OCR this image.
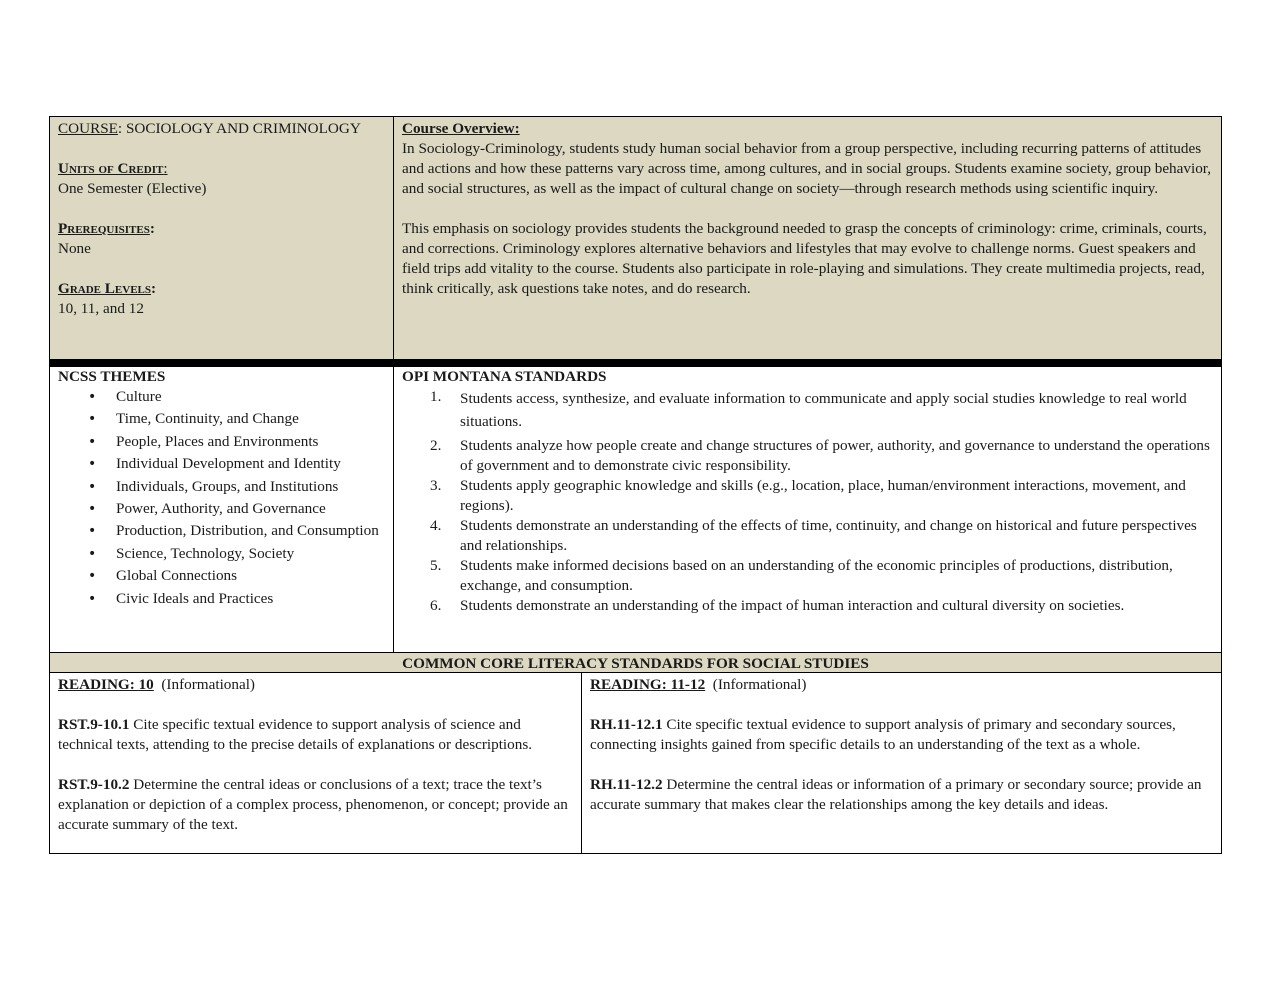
COURSE: SOCIOLOGY AND CRIMINOLOGY
Units of Credit:
One Semester (Elective)
Prerequisites:
None
Grade Levels:
10, 11, and 12
Course Overview:
In Sociology-Criminology, students study human social behavior from a group perspective, including recurring patterns of attitudes and actions and how these patterns vary across time, among cultures, and in social groups. Students examine society, group behavior, and social structures, as well as the impact of cultural change on society—through research methods using scientific inquiry.
This emphasis on sociology provides students the background needed to grasp the concepts of criminology: crime, criminals, courts, and corrections. Criminology explores alternative behaviors and lifestyles that may evolve to challenge norms. Guest speakers and field trips add vitality to the course. Students also participate in role-playing and simulations. They create multimedia projects, read, think critically, ask questions take notes, and do research.
NCSS THEMES
• Culture
• Time, Continuity, and Change
• People, Places and Environments
• Individual Development and Identity
• Individuals, Groups, and Institutions
• Power, Authority, and Governance
• Production, Distribution, and Consumption
• Science, Technology, Society
• Global Connections
• Civic Ideals and Practices
OPI MONTANA STANDARDS
1. Students access, synthesize, and evaluate information to communicate and apply social studies knowledge to real world situations.
2. Students analyze how people create and change structures of power, authority, and governance to understand the operations of government and to demonstrate civic responsibility.
3. Students apply geographic knowledge and skills (e.g., location, place, human/environment interactions, movement, and regions).
4. Students demonstrate an understanding of the effects of time, continuity, and change on historical and future perspectives and relationships.
5. Students make informed decisions based on an understanding of the economic principles of productions, distribution, exchange, and consumption.
6. Students demonstrate an understanding of the impact of human interaction and cultural diversity on societies.
COMMON CORE LITERACY STANDARDS FOR SOCIAL STUDIES
READING: 10 (Informational)
RST.9-10.1 Cite specific textual evidence to support analysis of science and technical texts, attending to the precise details of explanations or descriptions.
RST.9-10.2 Determine the central ideas or conclusions of a text; trace the text’s explanation or depiction of a complex process, phenomenon, or concept; provide an accurate summary of the text.
READING: 11-12 (Informational)
RH.11-12.1 Cite specific textual evidence to support analysis of primary and secondary sources, connecting insights gained from specific details to an understanding of the text as a whole.
RH.11-12.2 Determine the central ideas or information of a primary or secondary source; provide an accurate summary that makes clear the relationships among the key details and ideas.
